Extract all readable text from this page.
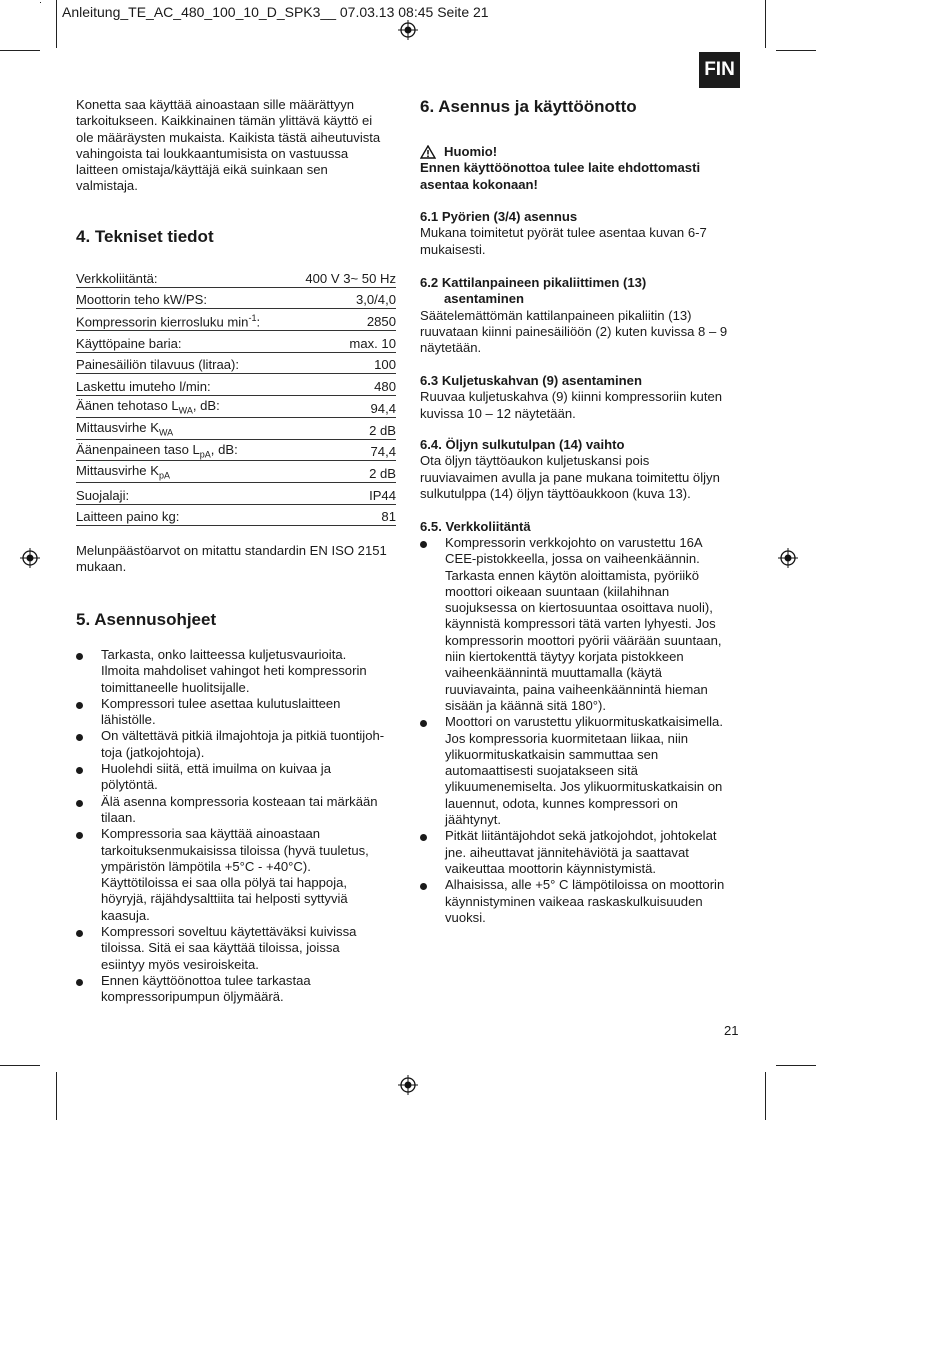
Anleitung_TE_AC_480_100_10_D_SPK3__ 07.03.13 08:45 Seite 21
FIN
Konetta saa käyttää ainoastaan sille määrättyyn
tarkoitukseen. Kaikkinainen tämän ylittävä käyttö ei
ole määräysten mukaista. Kaikista tästä aiheutuvista
vahingoista tai loukkaantumisista on vastuussa
laitteen omistaja/käyttäjä eikä suinkaan sen
valmistaja.
4. Tekniset tiedot
Verkkoliitäntä:	400 V 3~ 50 Hz
Moottorin teho kW/PS:	3,0/4,0
Kompressorin kierrosluku $\min^{-1}$:	2850
Käyttöpaine baria:	max. 10
Painesäiliön tilavuus (litraa):	100
Laskettu imuteho l/min:	480
Äänen tehotaso $L_{WA}$, dB:	94,4
Mittausvirhe $K_{WA}$	2 dB
Äänenpaineen taso $L_{pA}$, dB:	74,4
Mittausvirhe $K_{pA}$	2 dB
Suojalaji:	IP44
Laitteen paino kg:	81
Melunpäästöarvot on mitattu standardin EN ISO 2151
mukaan.
5. Asennusohjeet
Tarkasta, onko laitteessa kuljetusvaurioita.
Ilmoita mahdoliset vahingot heti kompressorin
toimittaneelle huolitsijalle.
Kompressori tulee asettaa kulutuslaitteen
lähistölle.
On vältettävä pitkiä ilmajohtoja ja pitkiä tuontijoh-
toja (jatkojohtoja).
Huolehdi siitä, että imuilma on kuivaa ja
pölytöntä.
Älä asenna kompressoria kosteaan tai märkään
tilaan.
Kompressoria saa käyttää ainoastaan
tarkoituksenmukaisissa tiloissa (hyvä tuuletus,
ympäristön lämpötila +5°C - +40°C).
Käyttötiloissa ei saa olla pölyä tai happoja,
höyryjä, räjähdysalttiita tai helposti syttyviä
kaasuja.
Kompressori soveltuu käytettäväksi kuivissa
tiloissa. Sitä ei saa käyttää tiloissa, joissa
esiintyy myös vesiroiskeita.
Ennen käyttöönottoa tulee tarkastaa
kompressoripumpun öljymäärä.
6. Asennus ja käyttöönotto
Huomio!
Ennen käyttöönottoa tulee laite ehdottomasti
asentaa kokonaan!
6.1 Pyörien (3/4) asennus
Mukana toimitetut pyörät tulee asentaa kuvan 6-7
mukaisesti.
6.2 Kattilanpaineen pikaliittimen (13)
asentaminen
Säätelemättömän kattilanpaineen pikaliitin (13)
ruuvataan kiinni painesäiliöön (2) kuten kuvissa 8 – 9
näytetään.
6.3 Kuljetuskahvan (9) asentaminen
Ruuvaa kuljetuskahva (9) kiinni kompressoriin kuten
kuvissa 10 – 12 näytetään.
6.4. Öljyn sulkutulpan (14) vaihto
Ota öljyn täyttöaukon kuljetuskansi pois
ruuviavaimen avulla ja pane mukana toimitettu öljyn
sulkutulppa (14) öljyn täyttöaukkoon (kuva 13).
6.5. Verkkoliitäntä
Kompressorin verkkojohto on varustettu 16A
CEE-pistokkeella, jossa on vaiheenkäännin.
Tarkasta ennen käytön aloittamista, pyöriikö
moottori oikeaan suuntaan (kiilahihnan
suojuksessa on kiertosuuntaa osoittava nuoli),
käynnistä kompressori tätä varten lyhyesti. Jos
kompressorin moottori pyörii väärään suuntaan,
niin kiertokenttä täytyy korjata pistokkeen
vaiheenkäännintä muuttamalla (käytä
ruuviavainta, paina vaiheenkäännintä hieman
sisään ja käännä sitä 180°).
Moottori on varustettu ylikuormituskatkaisimella.
Jos kompressoria kuormitetaan liikaa, niin
ylikuormituskatkaisin sammuttaa sen
automaattisesti suojatakseen sitä
ylikuumenemiselta. Jos ylikuormituskatkaisin on
lauennut, odota, kunnes kompressori on
jäähtynyt.
Pitkät liitäntäjohdot sekä jatkojohdot, johtokelat
jne. aiheuttavat jännitehäviötä ja saattavat
vaikeuttaa moottorin käynnistymistä.
Alhaisissa, alle +5° C lämpötiloissa on moottorin
käynnistyminen vaikeaa raskaskulkuisuuden
vuoksi.
21
